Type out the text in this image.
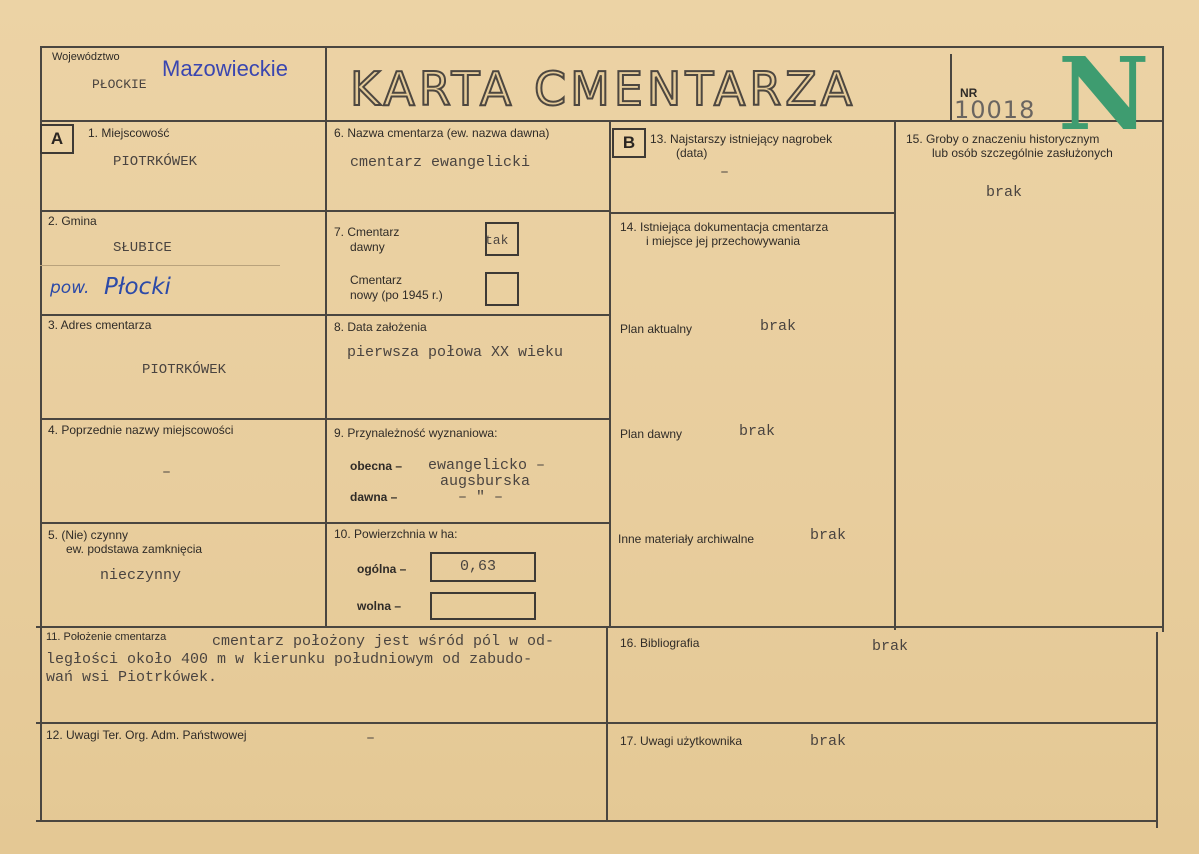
Województwo
PŁOCKIE
Mazowieckie KARTA CMENTARZA	NR
10018 N
A	B
1. Miejscowość
PIOTRKÓWEK
2. Gmina
SŁUBICE
pow. Płocki
3. Adres cmentarza
PIOTRKÓWEK
4. Poprzednie nazwy miejscowości
–
5. (Nie) czynny
ew. podstawa zamknięcia
nieczynny
6. Nazwa cmentarza (ew. nazwa dawna)
cmentarz ewangelicki
7. Cmentarz
dawny	tak
Cmentarz
nowy (po 1945 r.)
8. Data założenia
pierwsza połowa XX wieku
9. Przynależność wyznaniowa:
obecna – ewangelicko –
augsburska
dawna –	– " –
10. Powierzchnia w ha:
ogólna –	0,63
wolna –
11. Położenie cmentarza	cmentarz położony jest wśród pól w od-
ległości około 400 m w kierunku południowym od zabudo-
wań wsi Piotrkówek.
12. Uwagi Ter. Org. Adm. Państwowej	–
13. Najstarszy istniejący nagrobek
(data)
–
14. Istniejąca dokumentacja cmentarza
i miejsce jej przechowywania
Plan aktualny	brak
Plan dawny	brak
Inne materiały archiwalne	brak
15. Groby o znaczeniu historycznym
lub osób szczególnie zasłużonych
brak
16. Bibliografia	brak
17. Uwagi użytkownika	brak
